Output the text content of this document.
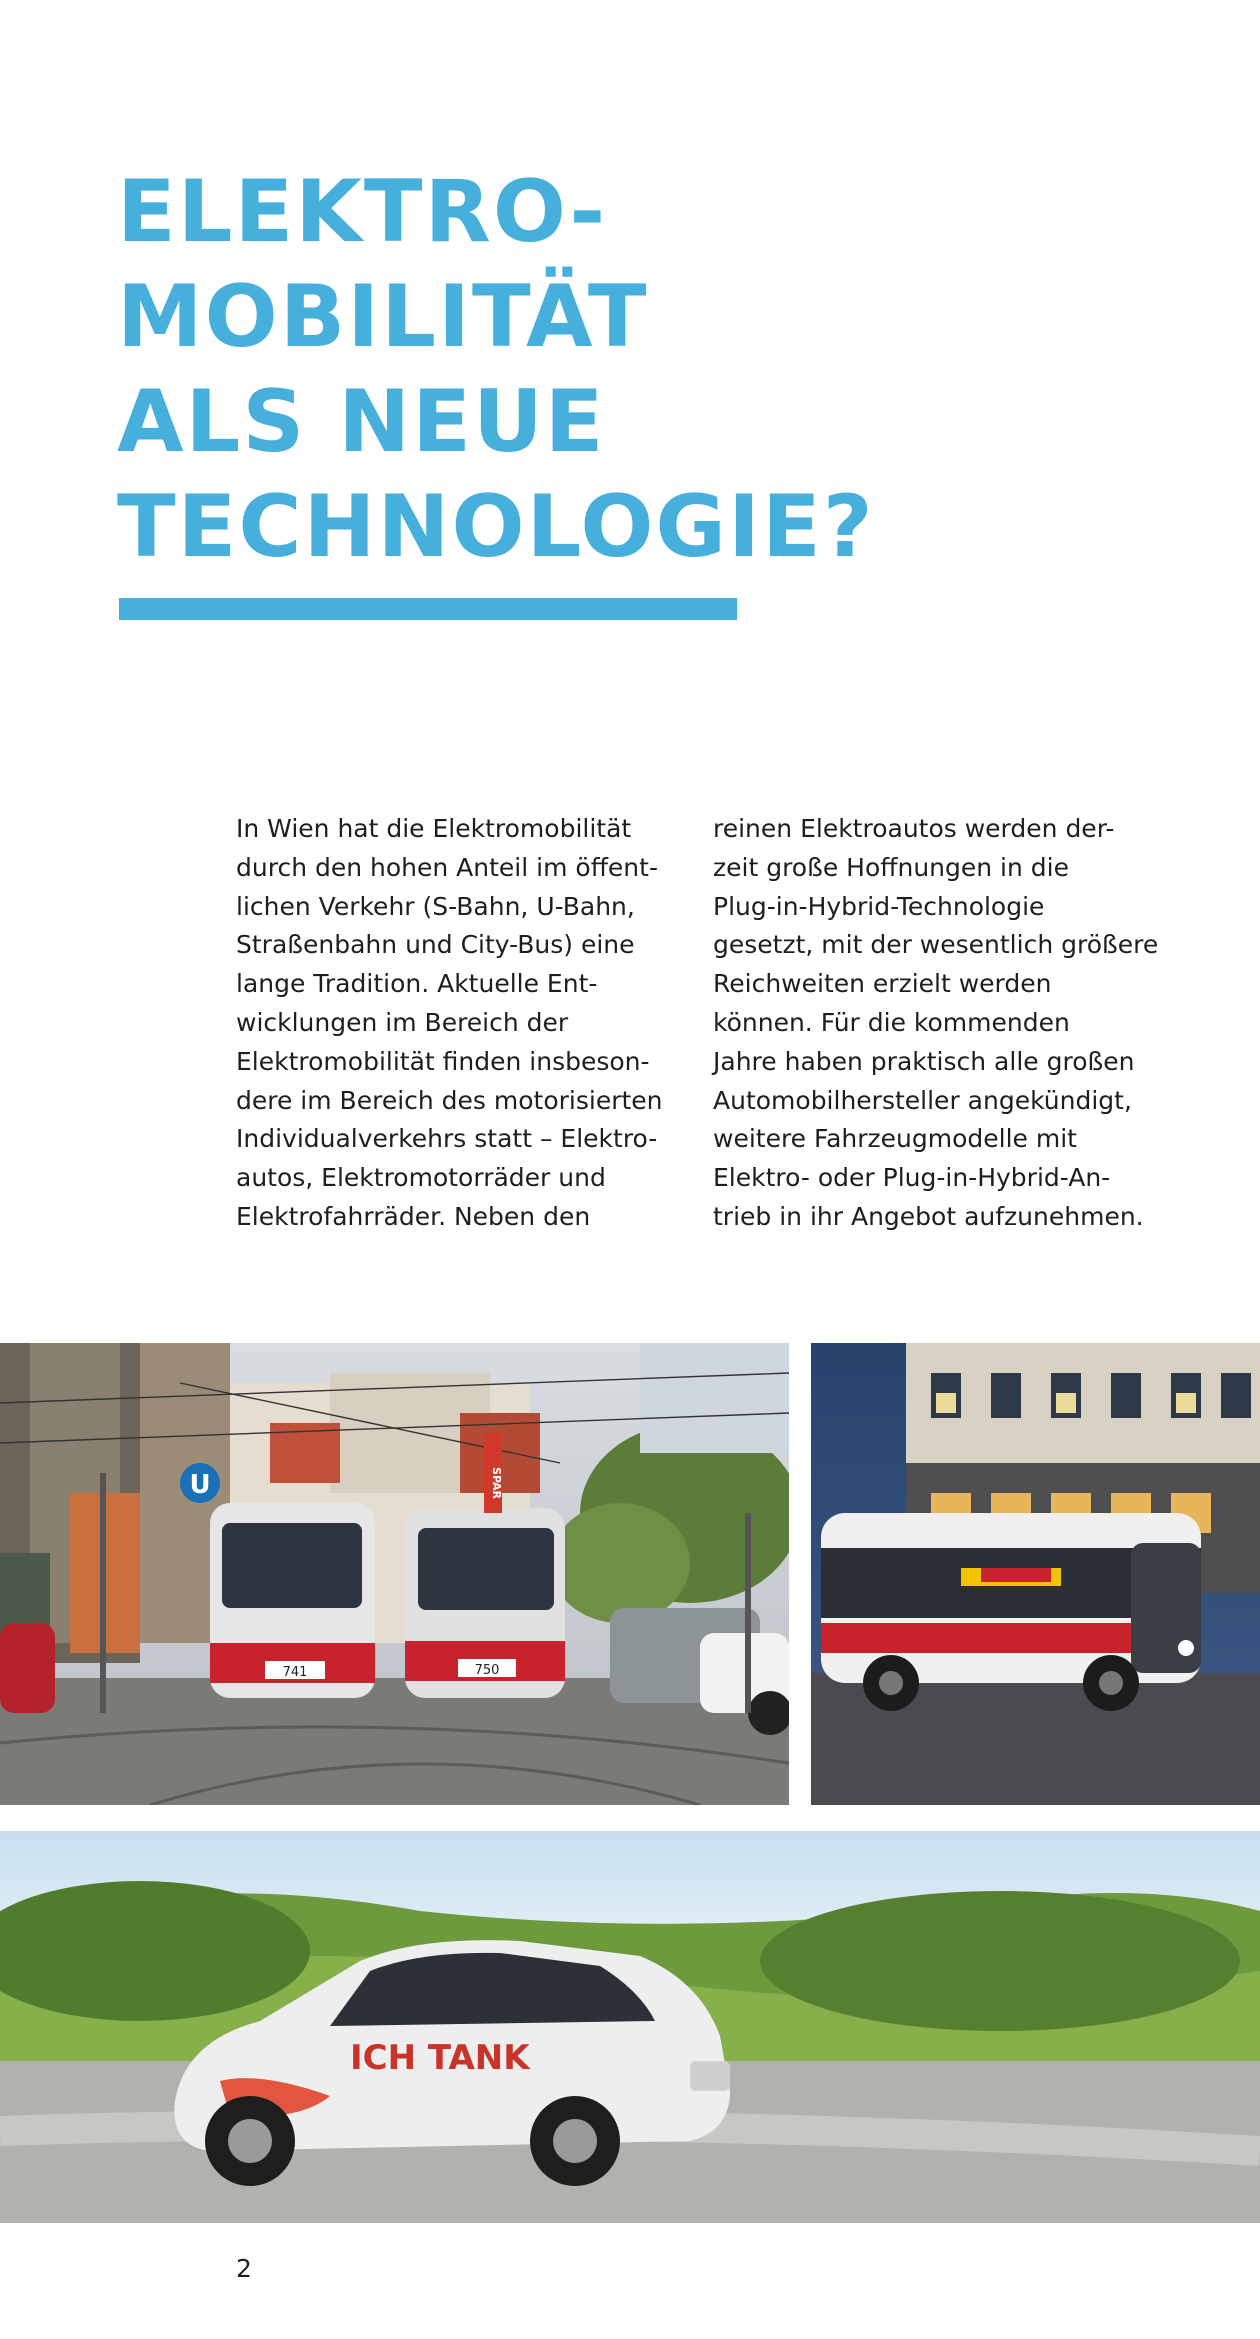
ELEKTRO-
MOBILITÄT
ALS NEUE
TECHNOLOGIE?
In Wien hat die Elektromobilität
durch den hohen Anteil im öffent-
lichen Verkehr (S-Bahn, U-Bahn,
Straßenbahn und City-Bus) eine
lange Tradition. Aktuelle Ent-
wicklungen im Bereich der
Elektromobilität finden insbeson-
dere im Bereich des motorisierten
Individualverkehrs statt – Elektro-
autos, Elektromotorräder und
Elektrofahrräder. Neben den
reinen Elektroautos werden der-
zeit große Hoffnungen in die
Plug-in-Hybrid-Technologie
gesetzt, mit der wesentlich größere
Reichweiten erzielt werden
können. Für die kommenden
Jahre haben praktisch alle großen
Automobilhersteller angekündigt,
weitere Fahrzeugmodelle mit
Elektro- oder Plug-in-Hybrid-An-
trieb in ihr Angebot aufzunehmen.
U
741	750
SPAR
ICH TANK
2
